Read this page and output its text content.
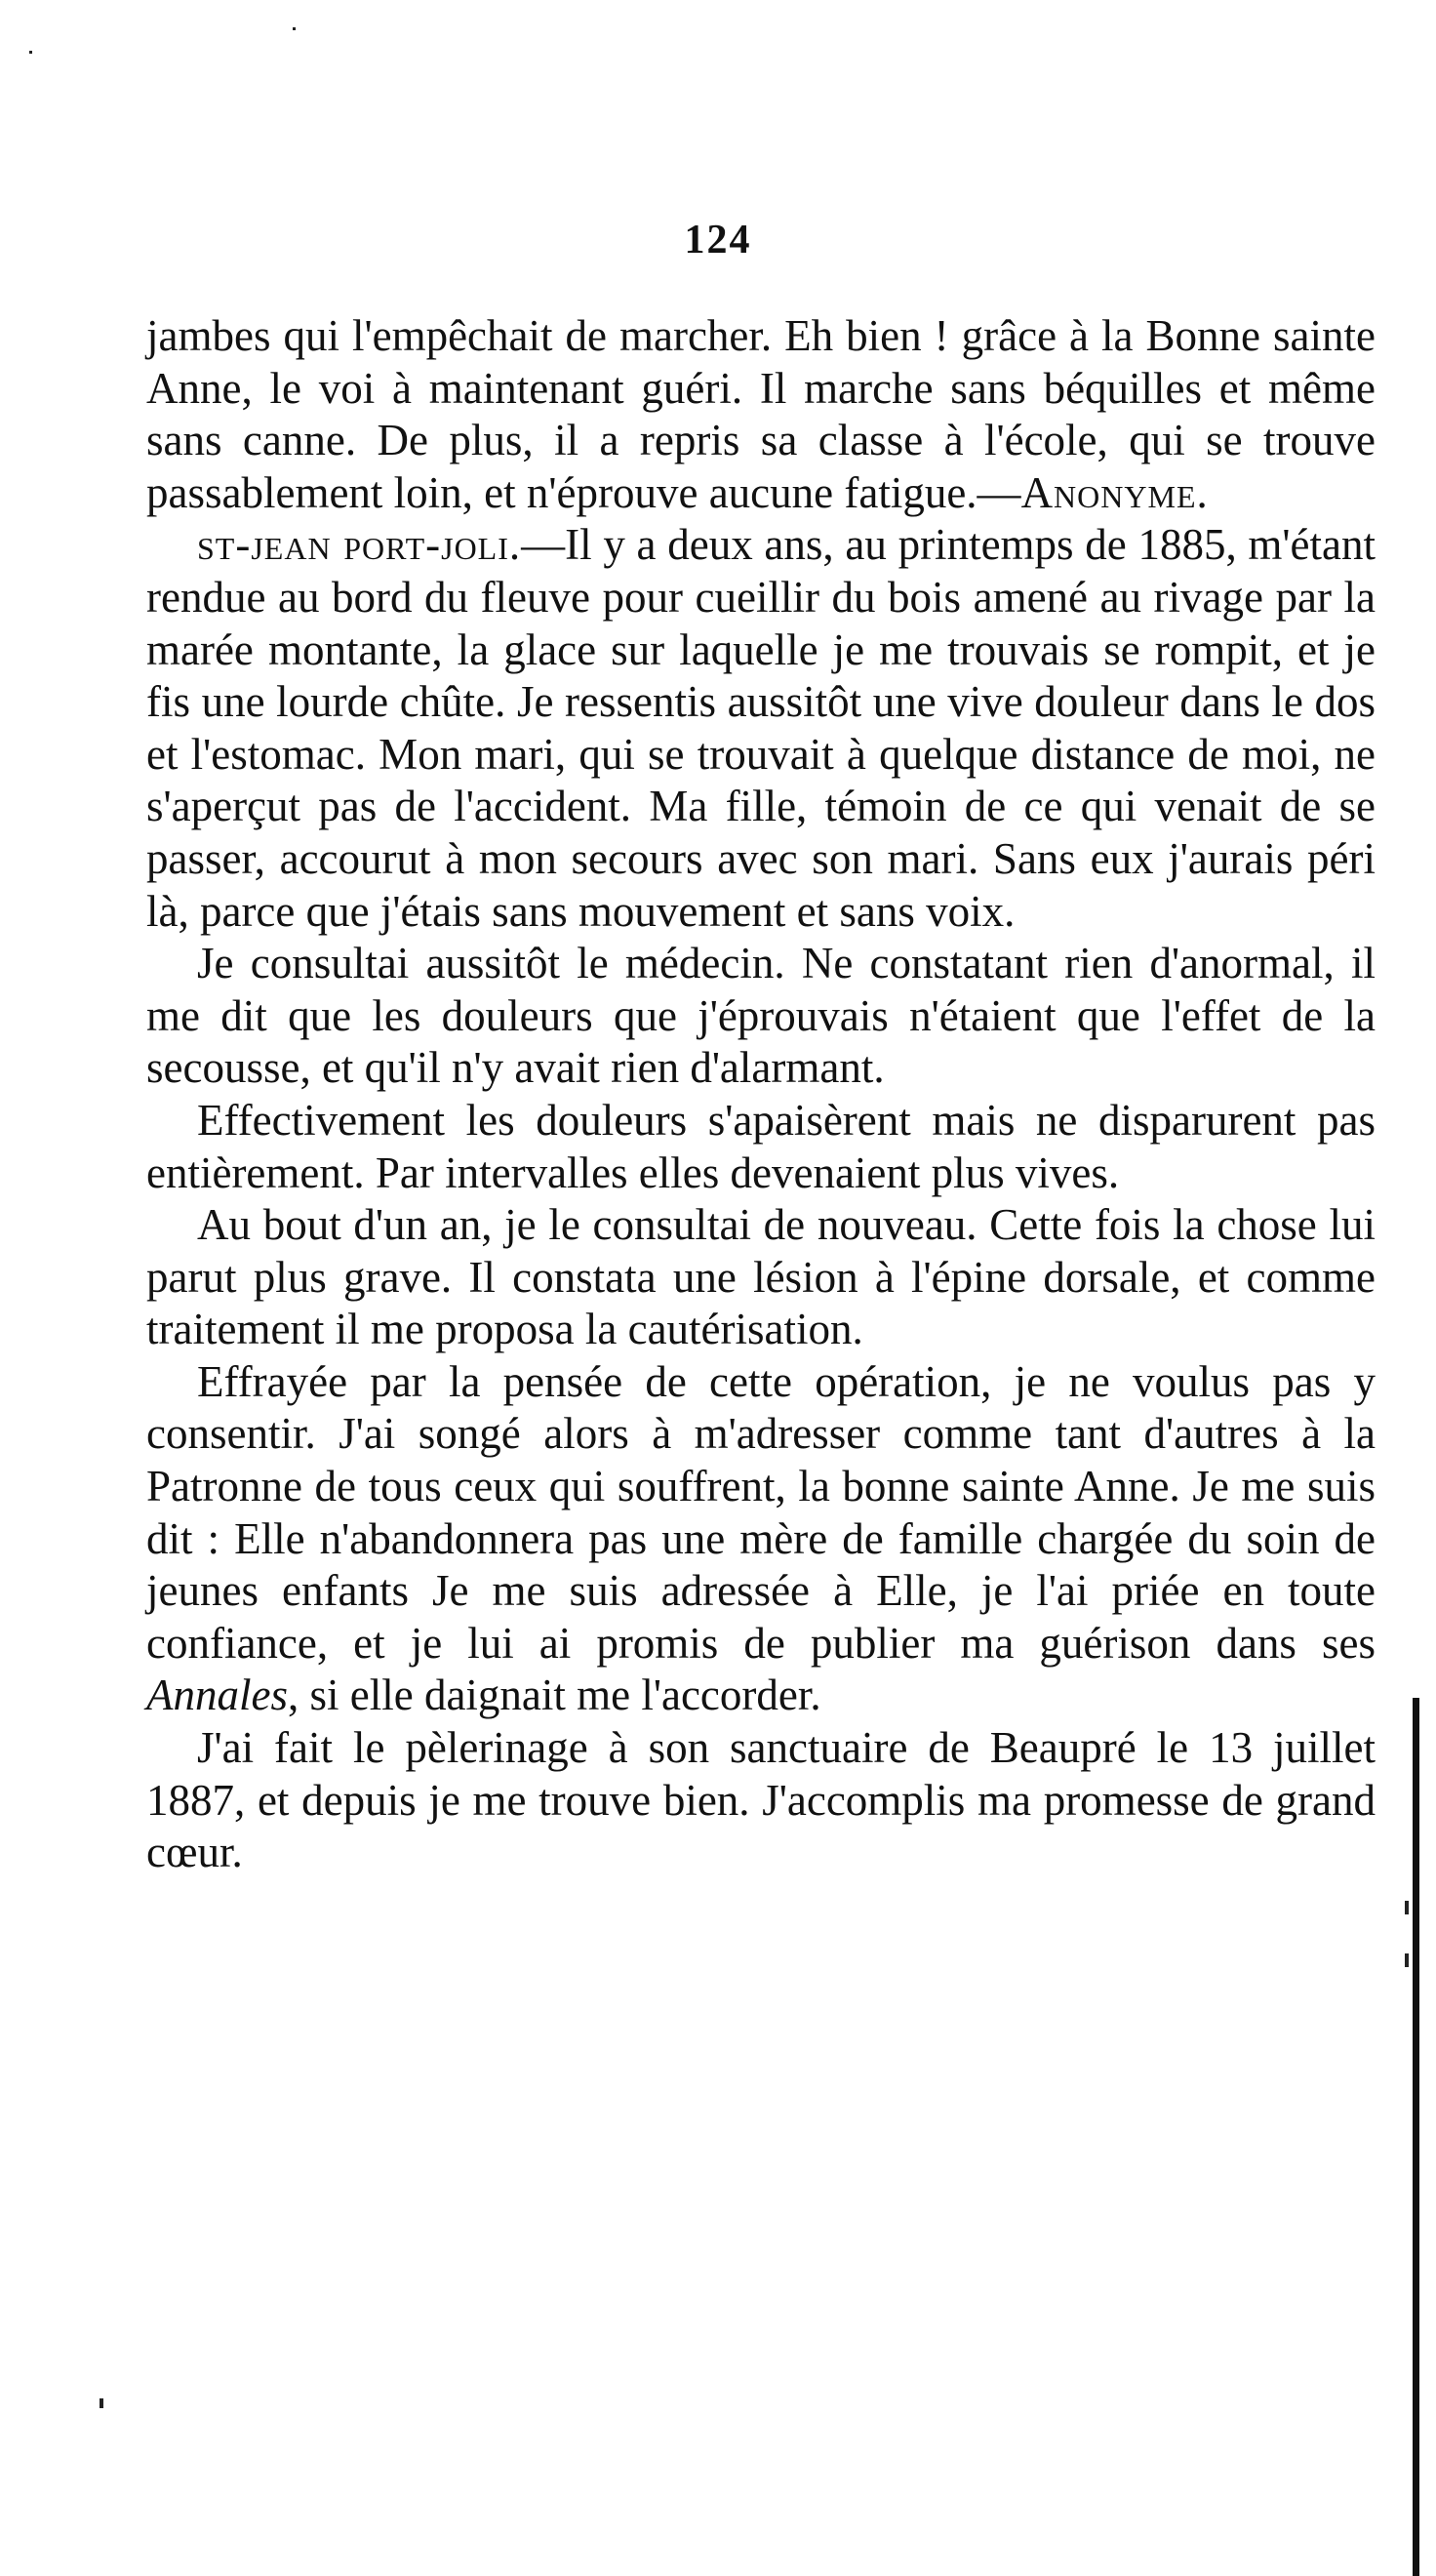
124

jambes qui l'empêchait de marcher. Eh bien ! grâce à la Bonne sainte Anne, le voi à maintenant guéri. Il marche sans béquilles et même sans canne. De plus, il a repris sa classe à l'école, qui se trouve passablement loin, et n'éprouve aucune fatigue.—Anonyme.

st-jean port-joli.—Il y a deux ans, au printemps de 1885, m'étant rendue au bord du fleuve pour cueillir du bois amené au rivage par la marée montante, la glace sur laquelle je me trouvais se rompit, et je fis une lourde chûte. Je ressentis aussitôt une vive douleur dans le dos et l'estomac. Mon mari, qui se trouvait à quelque distance de moi, ne s'aperçut pas de l'accident. Ma fille, témoin de ce qui venait de se passer, accourut à mon secours avec son mari. Sans eux j'aurais péri là, parce que j'étais sans mouvement et sans voix.

Je consultai aussitôt le médecin. Ne constatant rien d'anormal, il me dit que les douleurs que j'éprouvais n'étaient que l'effet de la secousse, et qu'il n'y avait rien d'alarmant.

Effectivement les douleurs s'apaisèrent mais ne disparurent pas entièrement. Par intervalles elles devenaient plus vives.

Au bout d'un an, je le consultai de nouveau. Cette fois la chose lui parut plus grave. Il constata une lésion à l'épine dorsale, et comme traitement il me proposa la cautérisation.

Effrayée par la pensée de cette opération, je ne voulus pas y consentir. J'ai songé alors à m'adresser comme tant d'autres à la Patronne de tous ceux qui souffrent, la bonne sainte Anne. Je me suis dit : Elle n'abandonnera pas une mère de famille chargée du soin de jeunes enfants Je me suis adressée à Elle, je l'ai priée en toute confiance, et je lui ai promis de publier ma guérison dans ses Annales, si elle daignait me l'accorder.

J'ai fait le pèlerinage à son sanctuaire de Beaupré le 13 juillet 1887, et depuis je me trouve bien. J'accomplis ma promesse de grand cœur.
